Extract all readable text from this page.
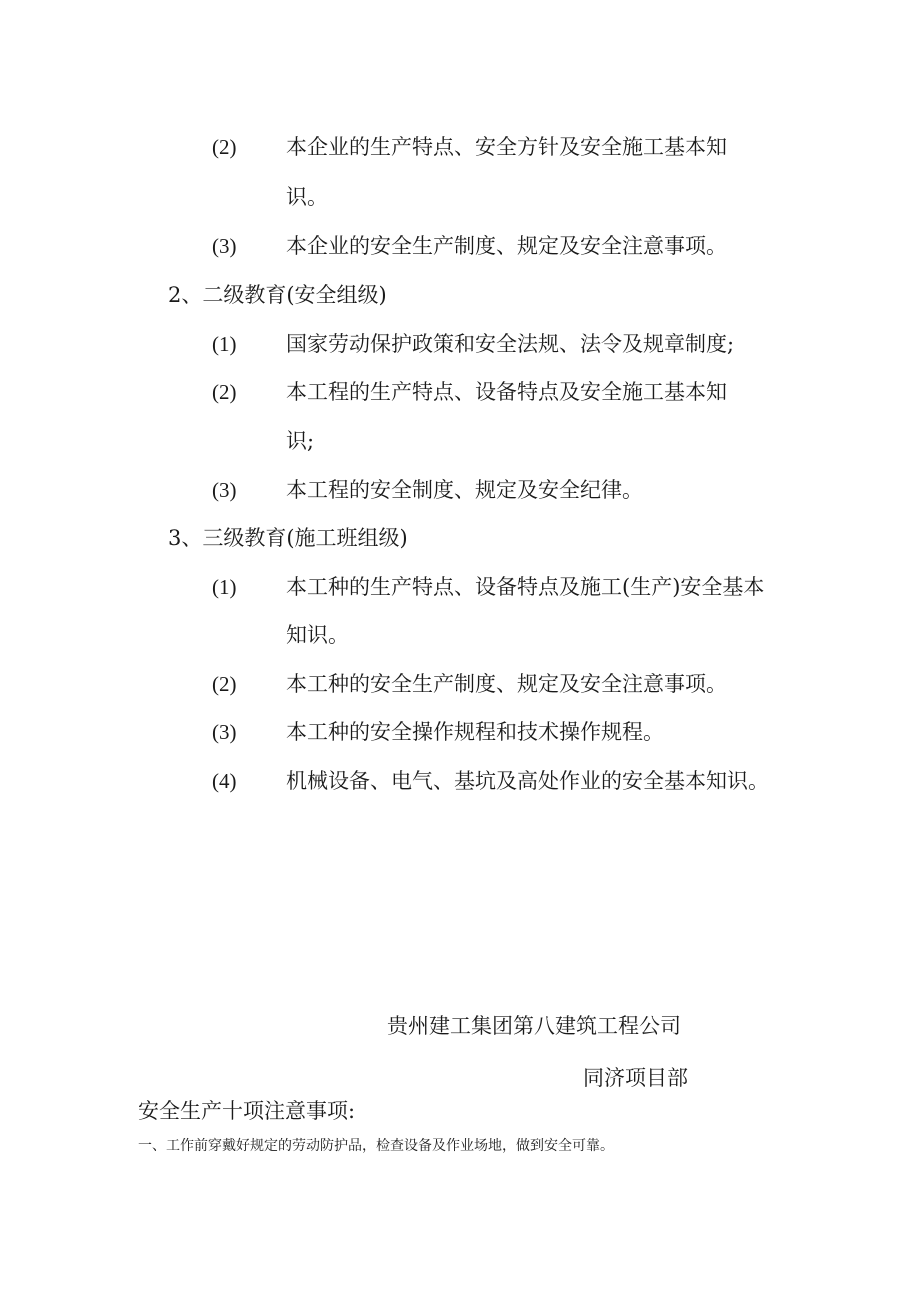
(2) 本企业的生产特点、安全方针及安全施工基本知
识。
(3) 本企业的安全生产制度、规定及安全注意事项。
2、二级教育(安全组级)
(1) 国家劳动保护政策和安全法规、法令及规章制度;
(2) 本工程的生产特点、设备特点及安全施工基本知
识;
(3) 本工程的安全制度、规定及安全纪律。
3、三级教育(施工班组级)
(1) 本工种的生产特点、设备特点及施工(生产)安全基本
知识。
(2) 本工种的安全生产制度、规定及安全注意事项。
(3) 本工种的安全操作规程和技术操作规程。
(4) 机械设备、电气、基坑及高处作业的安全基本知识。
贵州建工集团第八建筑工程公司
同济项目部
安全生产十项注意事项:
一、工作前穿戴好规定的劳动防护品，检查设备及作业场地，做到安全可靠。
